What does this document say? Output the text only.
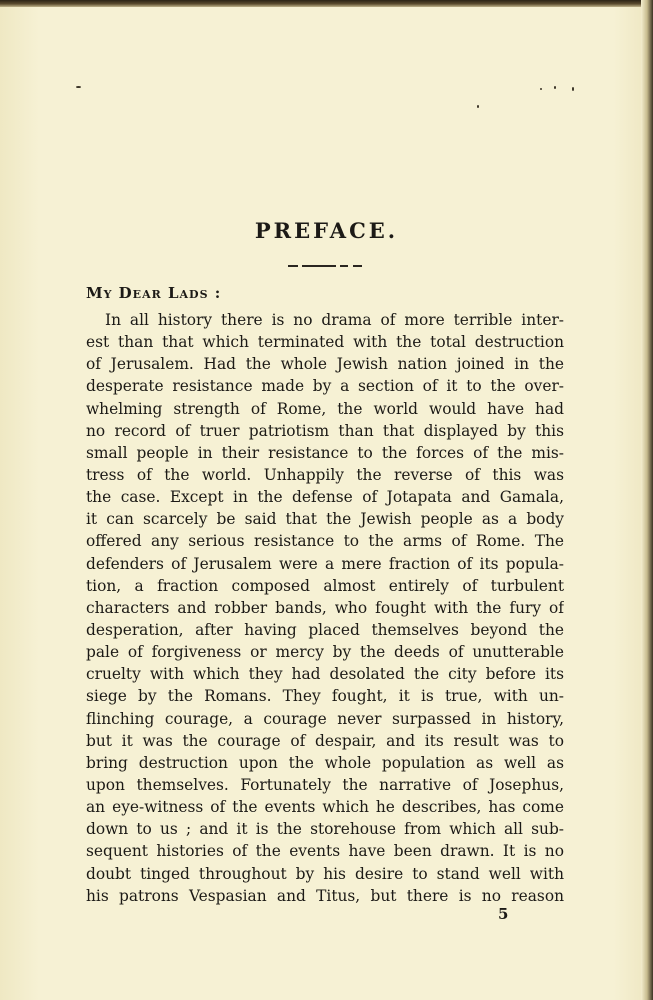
PREFACE.

My Dear Lads :

In all history there is no drama of more terrible inter-
est than that which terminated with the total destruction
of Jerusalem. Had the whole Jewish nation joined in the
desperate resistance made by a section of it to the over-
whelming strength of Rome, the world would have had
no record of truer patriotism than that displayed by this
small people in their resistance to the forces of the mis-
tress of the world. Unhappily the reverse of this was
the case. Except in the defense of Jotapata and Gamala,
it can scarcely be said that the Jewish people as a body
offered any serious resistance to the arms of Rome. The
defenders of Jerusalem were a mere fraction of its popula-
tion, a fraction composed almost entirely of turbulent
characters and robber bands, who fought with the fury of
desperation, after having placed themselves beyond the
pale of forgiveness or mercy by the deeds of unutterable
cruelty with which they had desolated the city before its
siege by the Romans. They fought, it is true, with un-
flinching courage, a courage never surpassed in history,
but it was the courage of despair, and its result was to
bring destruction upon the whole population as well as
upon themselves. Fortunately the narrative of Josephus,
an eye-witness of the events which he describes, has come
down to us ; and it is the storehouse from which all sub-
sequent histories of the events have been drawn. It is no
doubt tinged throughout by his desire to stand well with
his patrons Vespasian and Titus, but there is no reason

5
